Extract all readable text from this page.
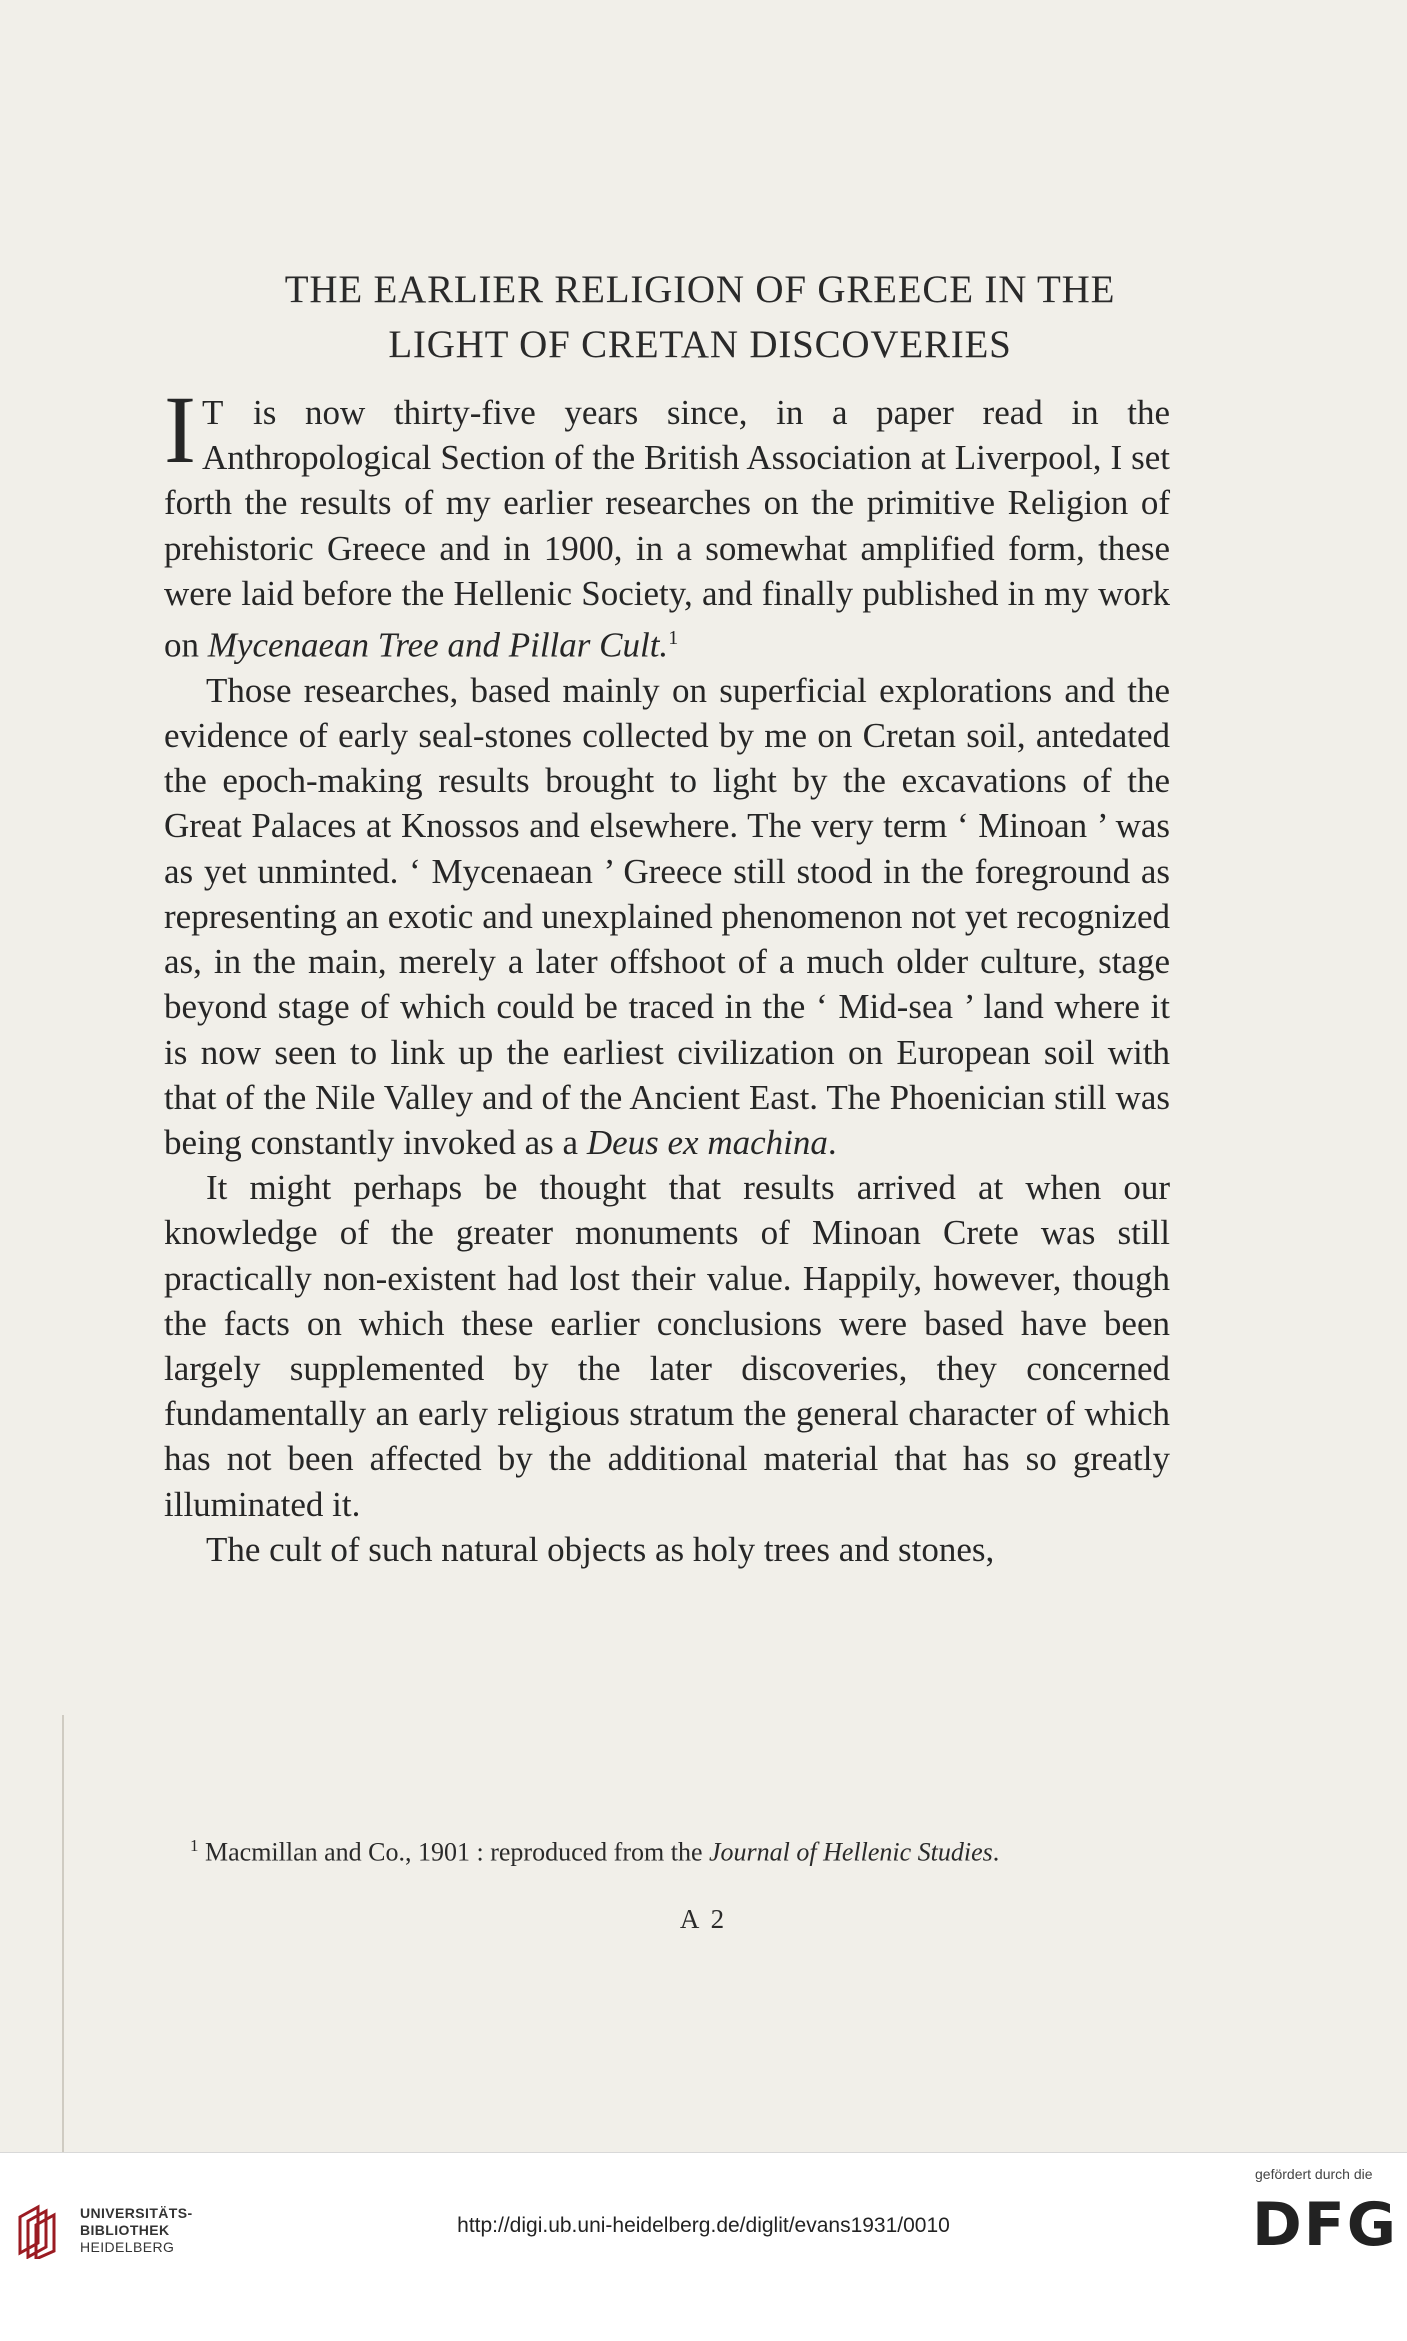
THE EARLIER RELIGION OF GREECE IN THE
LIGHT OF CRETAN DISCOVERIES

I T is now thirty-five years since, in a paper read in the Anthropological Section of the British Association at Liverpool, I set forth the results of my earlier researches on the primitive Religion of prehistoric Greece and in 1900, in a somewhat amplified form, these were laid before the Hellenic Society, and finally published in my work on Mycenaean Tree and Pillar Cult.$^1$

Those researches, based mainly on superficial explorations and the evidence of early seal-stones collected by me on Cretan soil, antedated the epoch-making results brought to light by the excavations of the Great Palaces at Knossos and elsewhere. The very term ‘ Minoan ’ was as yet unminted. ‘ Mycenaean ’ Greece still stood in the foreground as representing an exotic and unexplained phenomenon not yet recognized as, in the main, merely a later offshoot of a much older culture, stage beyond stage of which could be traced in the ‘ Mid-sea ’ land where it is now seen to link up the earliest civilization on European soil with that of the Nile Valley and of the Ancient East. The Phoenician still was being constantly invoked as a Deus ex machina.

It might perhaps be thought that results arrived at when our knowledge of the greater monuments of Minoan Crete was still practically non-existent had lost their value. Happily, however, though the facts on which these earlier conclusions were based have been largely supplemented by the later discoveries, they concerned fundamentally an early religious stratum the general character of which has not been affected by the additional material that has so greatly illuminated it.

The cult of such natural objects as holy trees and stones,

$^1$ Macmillan and Co., 1901 : reproduced from the Journal of Hellenic Studies.
A 2
UNIVERSITÄTS-
BIBLIOTHEK
HEIDELBERG
http://digi.ub.uni-heidelberg.de/diglit/evans1931/0010
gefördert durch die
DFG
